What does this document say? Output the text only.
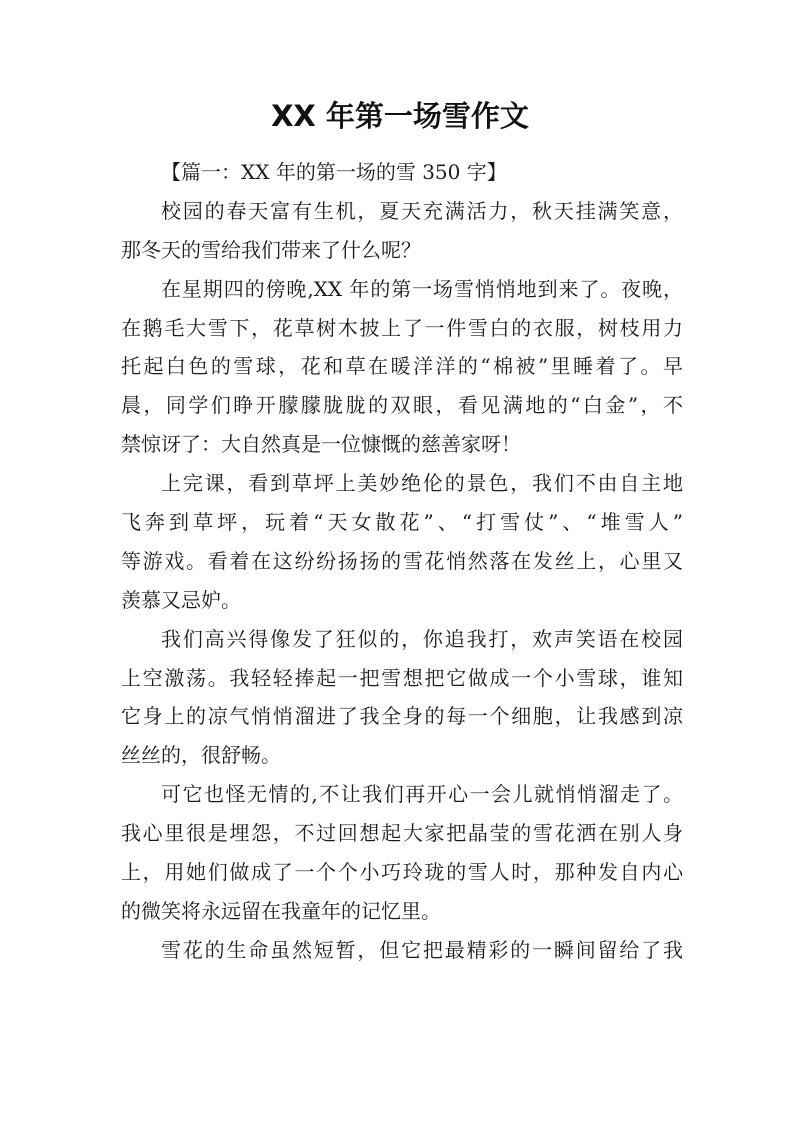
XX 年第一场雪作文
【篇一：XX 年的第一场的雪 350 字】
校园的春天富有生机，夏天充满活力，秋天挂满笑意，
那冬天的雪给我们带来了什么呢？
在星期四的傍晚,XX 年的第一场雪悄悄地到来了。夜晚，
在鹅毛大雪下，花草树木披上了一件雪白的衣服，树枝用力
托起白色的雪球，花和草在暖洋洋的“棉被”里睡着了。早
晨，同学们睁开朦朦胧胧的双眼，看见满地的“白金”，不
禁惊讶了：大自然真是一位慷慨的慈善家呀！
上完课，看到草坪上美妙绝伦的景色，我们不由自主地
飞奔到草坪，玩着“天女散花”、“打雪仗”、“堆雪人”
等游戏。看着在这纷纷扬扬的雪花悄然落在发丝上，心里又
羡慕又忌妒。
我们高兴得像发了狂似的，你追我打，欢声笑语在校园
上空激荡。我轻轻捧起一把雪想把它做成一个小雪球，谁知
它身上的凉气悄悄溜进了我全身的每一个细胞，让我感到凉
丝丝的，很舒畅。
可它也怪无情的,不让我们再开心一会儿就悄悄溜走了。
我心里很是埋怨，不过回想起大家把晶莹的雪花洒在别人身
上，用她们做成了一个个小巧玲珑的雪人时，那种发自内心
的微笑将永远留在我童年的记忆里。
雪花的生命虽然短暂，但它把最精彩的一瞬间留给了我
